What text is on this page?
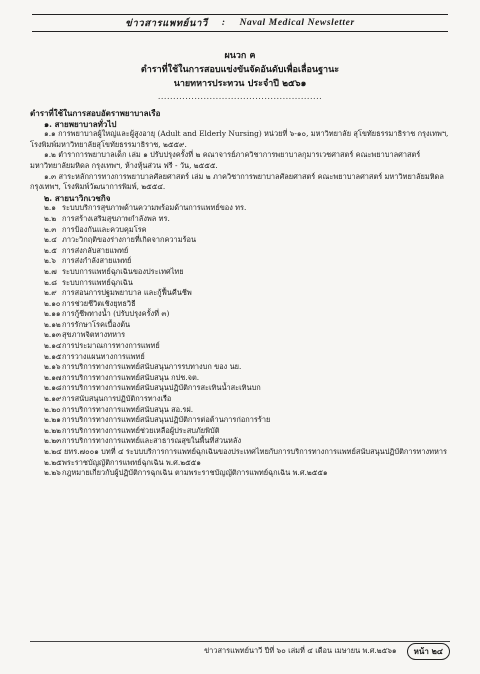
ข่าวสารแพทย์นาวี : Naval Medical Newsletter
ผนวก ฅ
ตำราที่ใช้ในการสอบแข่งขันจัดอันดับเพื่อเลื่อนฐานะ
นายทหารประทวน ประจำปี ๒๕๖๑
......................................................
ตำราที่ใช้ในการสอบอัตราพยาบาลเรือ
๑. สายพยาบาลทั่วไป
๑.๑ การพยาบาลผู้ใหญ่และผู้สูงอายุ (Adult and Elderly Nursing) หน่วยที่ ๖-๑๐, มหาวิทยาลัย สุโขทัยธรรมาธิราช กรุงเทพฯ, โรงพิมพ์มหาวิทยาลัยสุโขทัยธรรมาธิราช, ๒๕๕๙.
๑.๒ ตำราการพยาบาลเด็ก เล่ม ๑ ปรับปรุงครั้งที่ ๒ คณาจารย์ภาควิชาการพยาบาลกุมารเวชศาสตร์ คณะพยาบาลศาสตร์ มหาวิทยาลัยมหิดล กรุงเทพฯ, ห้างหุ้นส่วน ฟรี - วัน, ๒๕๕๕.
๑.๓ สาระหลักการทางการพยาบาลศัลยศาสตร์ เล่ม ๒ ภาควิชาการพยาบาลศัลยศาสตร์ คณะพยาบาลศาสตร์ มหาวิทยาลัยมหิดล กรุงเทพฯ, โรงพิมพ์วัฒนาการพิมพ์, ๒๕๕๔.
๒. สายนาวิกเวชกิจ
๒.๑ ระบบบริการสุขภาพด้านความพร้อมด้านการแพทย์ของ ทร.
๒.๒ การสร้างเสริมสุขภาพกำลังพล ทร.
๒.๓ การป้องกันและควบคุมโรค
๒.๔ ภาวะวิกฤติของร่างกายที่เกิดจากความร้อน
๒.๕ การส่งกลับสายแพทย์
๒.๖ การส่งกำลังสายแพทย์
๒.๗ ระบบการแพทย์ฉุกเฉินของประเทศไทย
๒.๘ ระบบการแพทย์ฉุกเฉิน
๒.๙ การสอนการปฐมพยาบาล และกู้ฟื้นคืนชีพ
๒.๑๐ การช่วยชีวิตเชิงยุทธวิธี
๒.๑๑การกู้ชีพทางน้ำ (ปรับปรุงครั้งที่ ๓)
๒.๑๒การรักษาโรคเบื้องต้น
๒.๑๓สุขภาพจิตทางทหาร
๒.๑๔การประมาณการทางการแพทย์
๒.๑๕การวางแผนทางการแพทย์
๒.๑๖การบริการทางการแพทย์สนับสนุนการรบทางบก ของ นย.
๒.๑๗การบริการทางการแพทย์สนับสนุน กปช.จต.
๒.๑๘การบริการทางการแพทย์สนับสนุนปฏิบัติการสะเทินน้ำสะเทินบก
๒.๑๙การสนับสนุนการปฏิบัติการทางเรือ
๒.๒๐การบริการทางการแพทย์สนับสนุน สอ.รฝ.
๒.๒๑การบริการทางการแพทย์สนับสนุนปฏิบัติการต่อต้านการก่อการร้าย
๒.๒๒การบริการทางการแพทย์ช่วยเหลือผู้ประสบภัยพิบัติ
๒.๒๓การบริการทางการแพทย์และสาธารณสุขในพื้นที่ส่วนหลัง
๒.๒๔ ยทร.๗๐๐๑ บทที่ ๔ ระบบบริการการแพทย์ฉุกเฉินของประเทศไทยกับการบริการทางการแพทย์สนับสนุนปฏิบัติการทางทหาร
๒.๒๕พระราชบัญญัติการแพทย์ฉุกเฉิน พ.ศ.๒๕๕๑
๒.๒๖กฎหมายเกี่ยวกับผู้ปฏิบัติการฉุกเฉิน ตามพระราชบัญญัติการแพทย์ฉุกเฉิน พ.ศ.๒๕๕๑
ข่าวสารแพทย์นาวี ปีที่ ๖๐ เล่มที่ ๔ เดือน เมษายน พ.ศ.๒๕๖๑	หน้า ๒๔
